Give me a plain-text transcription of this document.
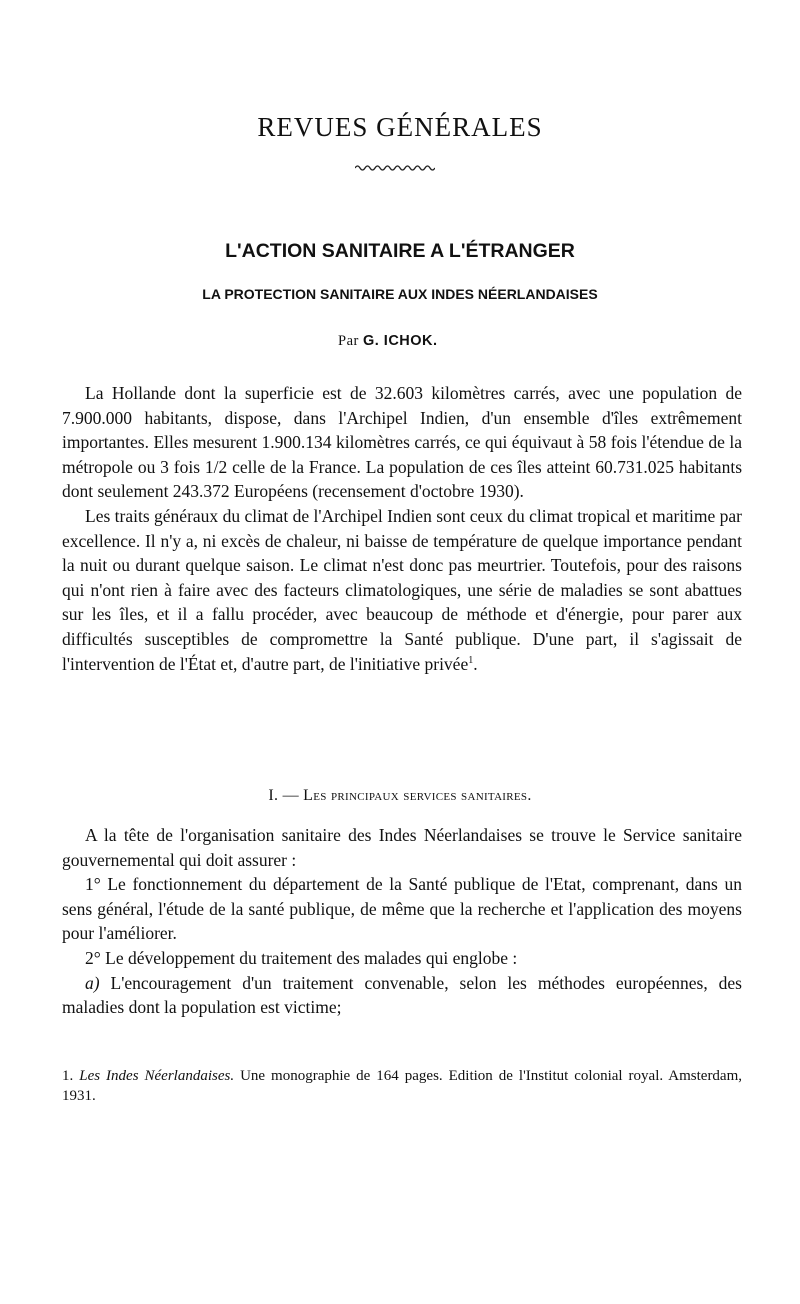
REVUES GÉNÉRALES
L'ACTION SANITAIRE A L'ÉTRANGER
LA PROTECTION SANITAIRE AUX INDES NÉERLANDAISES
Par G. ICHOK.

La Hollande dont la superficie est de 32.603 kilomètres carrés, avec une population de 7.900.000 habitants, dispose, dans l'Archipel Indien, d'un ensemble d'îles extrêmement importantes. Elles mesurent 1.900.134 kilomètres carrés, ce qui équivaut à 58 fois l'étendue de la métropole ou 3 fois 1/2 celle de la France. La population de ces îles atteint 60.731.025 habitants dont seulement 243.372 Européens (recensement d'octobre 1930).

Les traits généraux du climat de l'Archipel Indien sont ceux du climat tropical et maritime par excellence. Il n'y a, ni excès de chaleur, ni baisse de température de quelque importance pendant la nuit ou durant quelque saison. Le climat n'est donc pas meurtrier. Toutefois, pour des raisons qui n'ont rien à faire avec des facteurs climatologiques, une série de maladies se sont abattues sur les îles, et il a fallu procéder, avec beaucoup de méthode et d'énergie, pour parer aux difficultés susceptibles de compromettre la Santé publique. D'une part, il s'agissait de l'intervention de l'État et, d'autre part, de l'initiative privée$^1$.

I. — Les principaux services sanitaires.

A la tête de l'organisation sanitaire des Indes Néerlandaises se trouve le Service sanitaire gouvernemental qui doit assurer :

1° Le fonctionnement du département de la Santé publique de l'Etat, comprenant, dans un sens général, l'étude de la santé publique, de même que la recherche et l'application des moyens pour l'améliorer.

2° Le développement du traitement des malades qui englobe :

a) L'encouragement d'un traitement convenable, selon les méthodes européennes, des maladies dont la population est victime;

1. Les Indes Néerlandaises. Une monographie de 164 pages. Edition de l'Institut colonial royal. Amsterdam, 1931.
